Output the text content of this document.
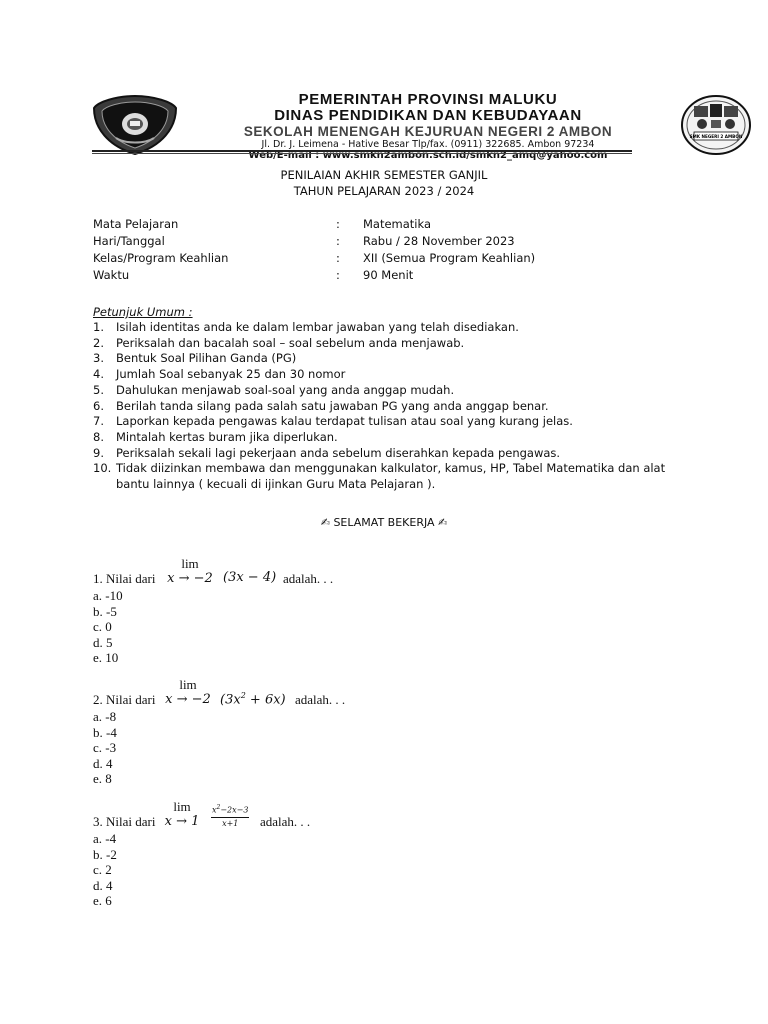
PEMERINTAH PROVINSI MALUKU
DINAS PENDIDIKAN DAN KEBUDAYAAN
SEKOLAH MENENGAH KEJURUAN NEGERI 2 AMBON
Jl. Dr. J. Leimena - Hative Besar Tlp/fax. (0911) 322685. Ambon 97234
Web/E-mail : www.smkn2ambon.sch.id/smkn2_amq@yahoo.com
SMK NEGERI 2 AMBON
PENILAIAN AKHIR SEMESTER GANJIL
TAHUN PELAJARAN 2023 / 2024
Mata Pelajaran	: Matematika
Hari/Tanggal	: Rabu / 28 November 2023
Kelas/Program Keahlian	: XII (Semua Program Keahlian)
Waktu	: 90 Menit
Petunjuk Umum :
1. Isilah identitas anda ke dalam lembar jawaban yang telah disediakan.
2. Periksalah dan bacalah soal – soal sebelum anda menjawab.
3. Bentuk Soal Pilihan Ganda (PG)
4. Jumlah Soal sebanyak 25 dan 30 nomor
5. Dahulukan menjawab soal-soal yang anda anggap mudah.
6. Berilah tanda silang pada salah satu jawaban PG yang anda anggap benar.
7. Laporkan kepada pengawas kalau terdapat tulisan atau soal yang kurang jelas.
8. Mintalah kertas buram jika diperlukan.
9. Periksalah sekali lagi pekerjaan anda sebelum diserahkan kepada pengawas.
10. Tidak diizinkan membawa dan menggunakan kalkulator, kamus, HP, Tabel Matematika dan alat bantu lainnya ( kecuali di ijinkan Guru Mata Pelajaran ).
✍ SELAMAT BEKERJA ✍
1. Nilai dari
lim
x → −2 (3x − 4) adalah. . .
a. -10
b. -5
c. 0
d. 5
e. 10
2. Nilai dari
lim
x → −2 $(3x^2 + 6x)$ adalah. . .
a. -8
b. -4
c. -3
d. 4
e. 8
3. Nilai dari
lim
x → 1	$\frac{x^2-2x-3}{x+1}$ adalah. . .
a. -4
b. -2
c. 2
d. 4
e. 6
